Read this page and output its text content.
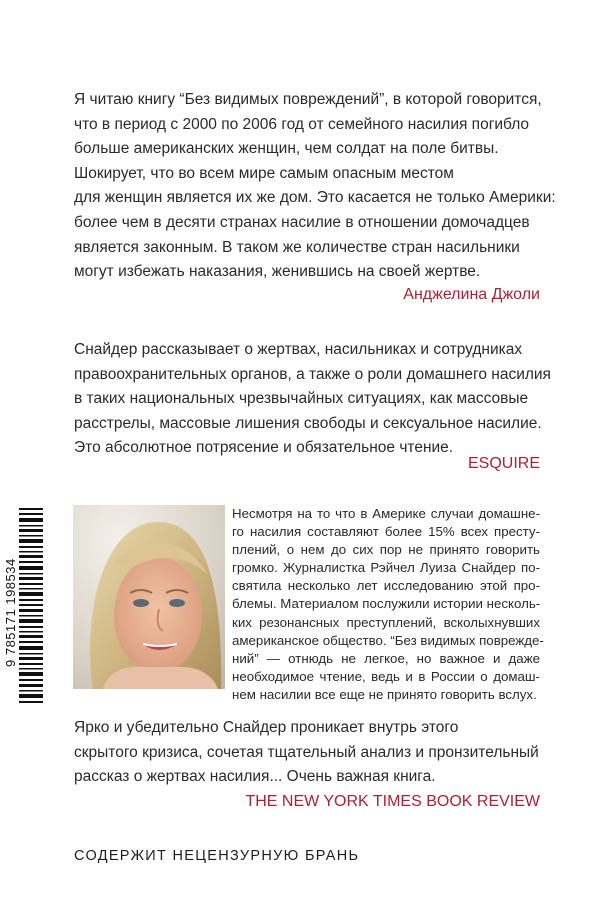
Я читаю книгу “Без видимых повреждений”, в которой говорится,

что в период с 2000 по 2006 год от семейного насилия погибло

больше американских женщин, чем солдат на поле битвы.

Шокирует, что во всем мире самым опасным местом

для женщин является их же дом. Это касается не только Америки:

более чем в десяти странах насилие в отношении домочадцев

является законным. В таком же количестве стран насильники

могут избежать наказания, женившись на своей жертве.

Анджелина Джоли

Снайдер рассказывает о жертвах, насильниках и сотрудниках

правоохранительных органов, а также о роли домашнего насилия

в таких национальных чрезвычайных ситуациях, как массовые

расстрелы, массовые лишения свободы и сексуальное насилие.

Это абсолютное потрясение и обязательное чтение.

ESQUIRE
9 785171 198534

Несмотря на то что в Америке случаи домашне-

го насилия составляют более 15% всех престу-

плений, о нем до сих пор не принято говорить

громко. Журналистка Рэйчел Луиза Снайдер по-

святила несколько лет исследованию этой про-

блемы. Материалом послужили истории несколь-

ких резонансных преступлений, всколыхнувших

американское общество. “Без видимых поврежде-

ний” — отнюдь не легкое, но важное и даже

необходимое чтение, ведь и в России о домаш-

нем насилии все еще не принято говорить вслух.

Ярко и убедительно Снайдер проникает внутрь этого

скрытого кризиса, сочетая тщательный анализ и пронзительный

рассказ о жертвах насилия... Очень важная книга.

THE NEW YORK TIMES BOOK REVIEW
СОДЕРЖИТ НЕЦЕНЗУРНУЮ БРАНЬ
